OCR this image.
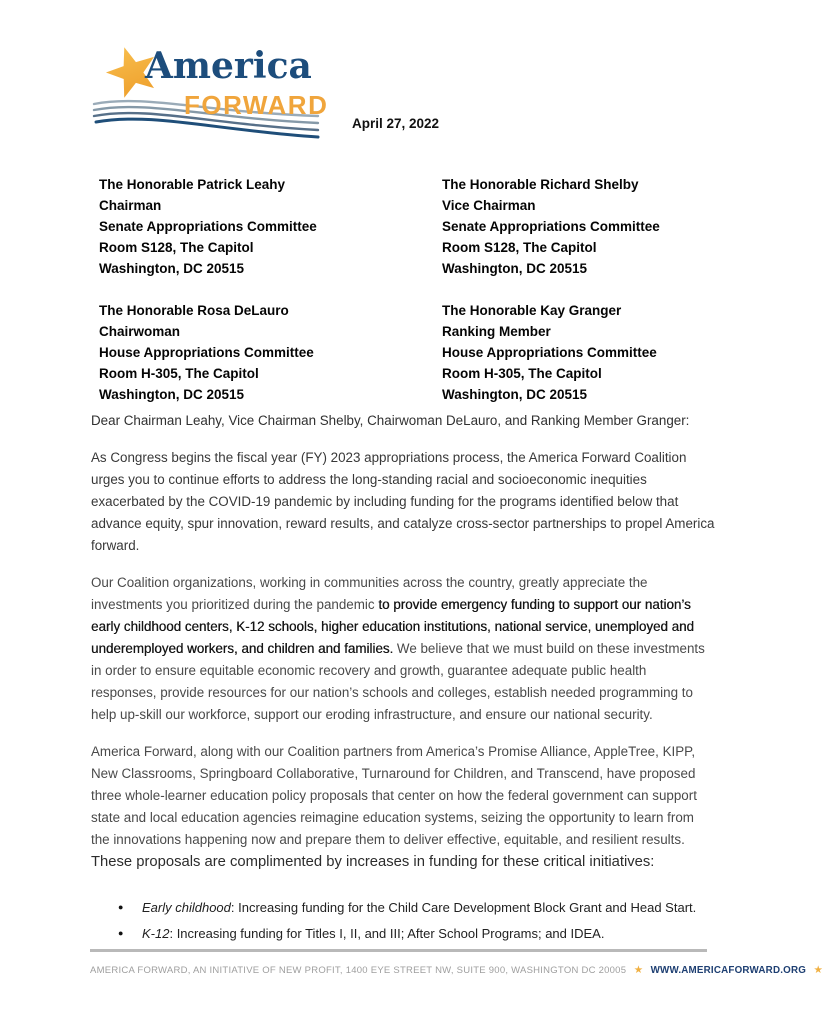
America
FORWARD
April 27, 2022
The Honorable Patrick Leahy
Chairman
Senate Appropriations Committee
Room S128, The Capitol
Washington, DC 20515
The Honorable Richard Shelby
Vice Chairman
Senate Appropriations Committee
Room S128, The Capitol
Washington, DC 20515
The Honorable Rosa DeLauro
Chairwoman
House Appropriations Committee
Room H-305, The Capitol
Washington, DC 20515
The Honorable Kay Granger
Ranking Member
House Appropriations Committee
Room H-305, The Capitol
Washington, DC 20515

Dear Chairman Leahy, Vice Chairman Shelby, Chairwoman DeLauro, and Ranking Member Granger:

As Congress begins the fiscal year (FY) 2023 appropriations process, the America Forward Coalition urges you to continue efforts to address the long-standing racial and socioeconomic inequities exacerbated by the COVID-19 pandemic by including funding for the programs identified below that advance equity, spur innovation, reward results, and catalyze cross-sector partnerships to propel America forward.

Our Coalition organizations, working in communities across the country, greatly appreciate the investments you prioritized during the pandemic to provide emergency funding to support our nation’s early childhood centers, K-12 schools, higher education institutions, national service, unemployed and underemployed workers, and children and families. We believe that we must build on these investments in order to ensure equitable economic recovery and growth, guarantee adequate public health responses, provide resources for our nation’s schools and colleges, establish needed programming to help up-skill our workforce, support our eroding infrastructure, and ensure our national security.

America Forward, along with our Coalition partners from America’s Promise Alliance, AppleTree, KIPP, New Classrooms, Springboard Collaborative, Turnaround for Children, and Transcend, have proposed three whole-learner education policy proposals that center on how the federal government can support state and local education agencies reimagine education systems, seizing the opportunity to learn from the innovations happening now and prepare them to deliver effective, equitable, and resilient results. These proposals are complimented by increases in funding for these critical initiatives:

● Early childhood: Increasing funding for the Child Care Development Block Grant and Head Start.
● K-12: Increasing funding for Titles I, II, and III; After School Programs; and IDEA.
AMERICA FORWARD, AN INITIATIVE OF NEW PROFIT, 1400 EYE STREET NW, SUITE 900, WASHINGTON DC 20005 ★ WWW.AMERICAFORWARD.ORG ★
